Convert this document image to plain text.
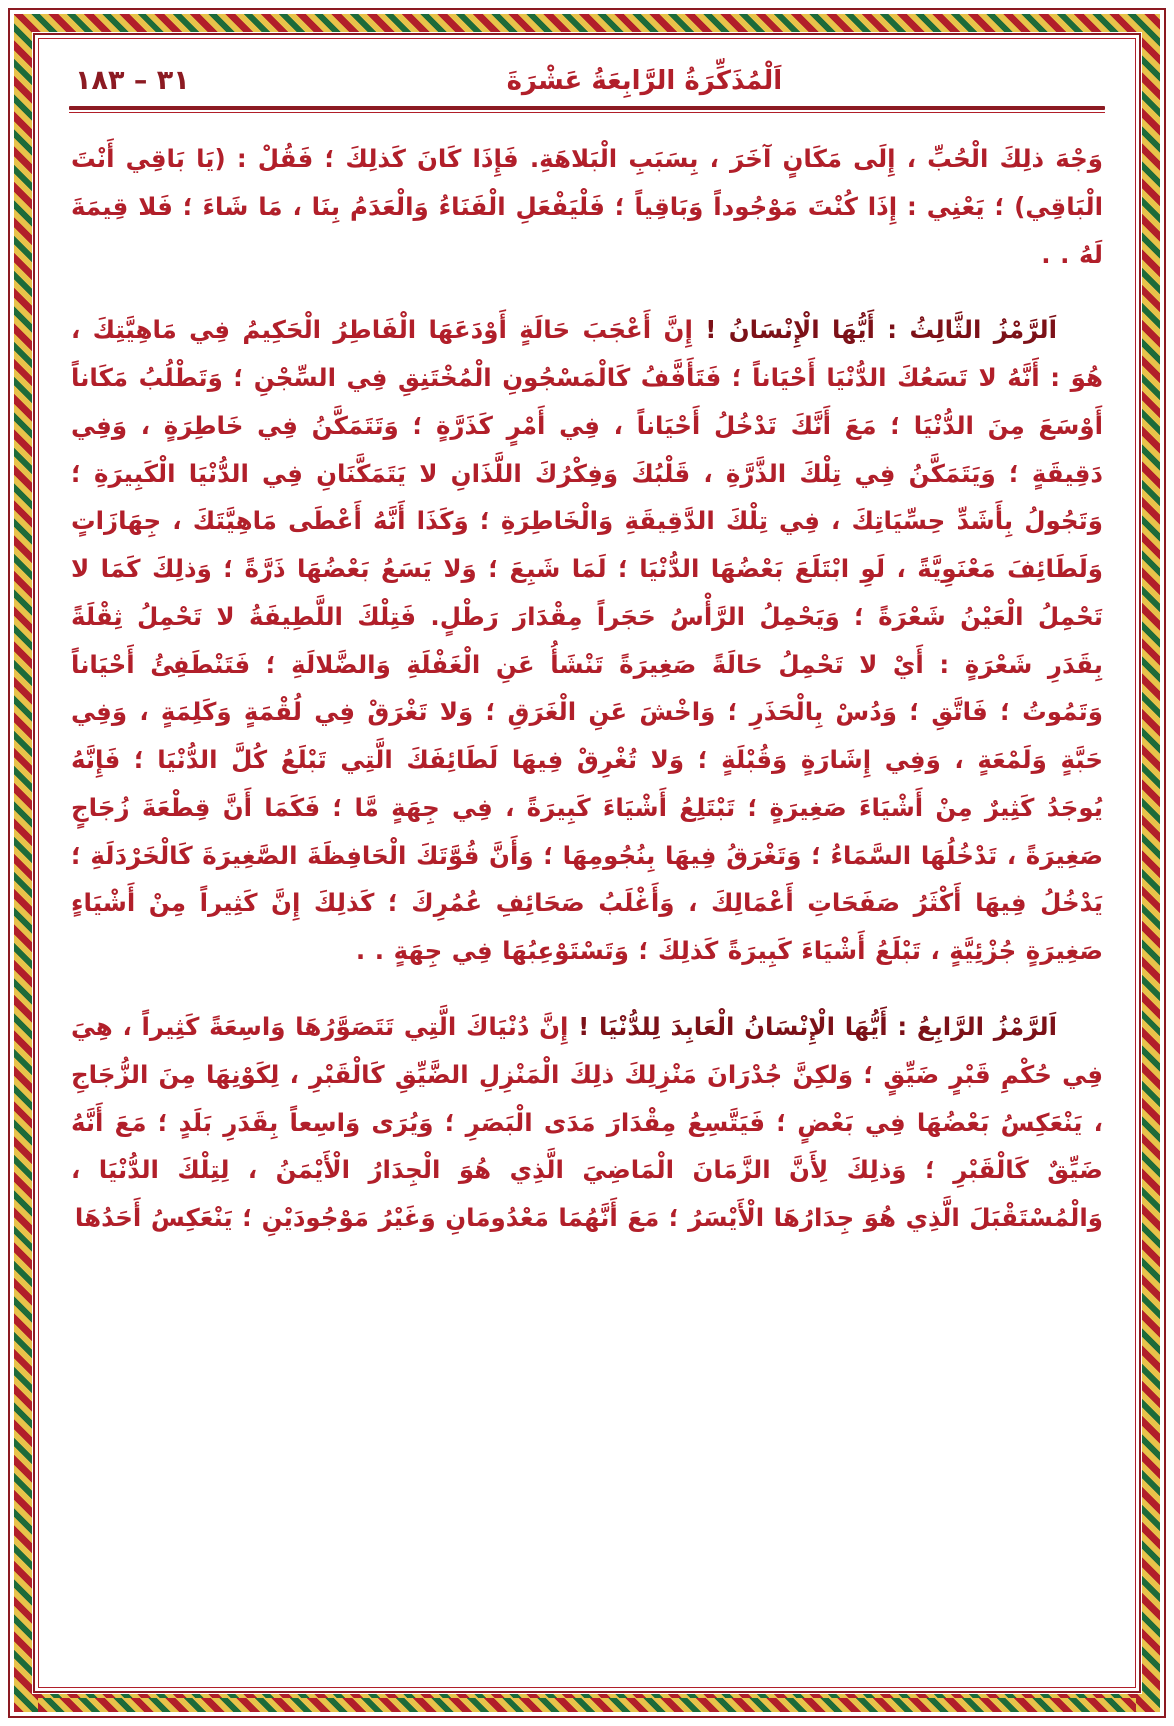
٣١ – ١٨٣	اَلْمُذَكِّرَةُ الرَّابِعَةُ عَشْرَةَ

وَجْهَ ذلِكَ الْحُبِّ ، إِلَى مَكَانٍ آخَرَ ، بِسَبَبِ الْبَلاهَةِ. فَإِذَا كَانَ كَذلِكَ ؛ فَقُلْ : (يَا بَاقِي أَنْتَ الْبَاقِي) ؛ يَعْنِي : إِذَا كُنْتَ مَوْجُوداً وَبَاقِياً ؛ فَلْيَفْعَلِ الْفَنَاءُ وَالْعَدَمُ بِنَا ، مَا شَاءَ ؛ فَلا قِيمَةَ لَهُ . .

اَلرَّمْزُ الثَّالِثُ : أَيُّهَا الْإِنْسَانُ ! إِنَّ أَعْجَبَ حَالَةٍ أَوْدَعَهَا الْفَاطِرُ الْحَكِيمُ فِي مَاهِيَّتِكَ ، هُوَ : أَنَّهُ لا تَسَعُكَ الدُّنْيَا أَحْيَاناً ؛ فَتَأَفَّفُ كَالْمَسْجُونِ الْمُخْتَنِقِ فِي السِّجْنِ ؛ وَتَطْلُبُ مَكَاناً أَوْسَعَ مِنَ الدُّنْيَا ؛ مَعَ أَنَّكَ تَدْخُلُ أَحْيَاناً ، فِي أَمْرٍ كَذَرَّةٍ ؛ وَتَتَمَكَّنُ فِي خَاطِرَةٍ ، وَفِي دَقِيقَةٍ ؛ وَيَتَمَكَّنُ فِي تِلْكَ الذَّرَّةِ ، قَلْبُكَ وَفِكْرُكَ اللَّذَانِ لا يَتَمَكَّنَانِ فِي الدُّنْيَا الْكَبِيرَةِ ؛ وَتَجُولُ بِأَشَدِّ حِسِّيَاتِكَ ، فِي تِلْكَ الدَّقِيقَةِ وَالْخَاطِرَةِ ؛ وَكَذَا أَنَّهُ أَعْطَى مَاهِيَّتَكَ ، جِهَازَاتٍ وَلَطَائِفَ مَعْنَوِيَّةً ، لَوِ ابْتَلَعَ بَعْضُهَا الدُّنْيَا ؛ لَمَا شَبِعَ ؛ وَلا يَسَعُ بَعْضُهَا ذَرَّةً ؛ وَذلِكَ كَمَا لا تَحْمِلُ الْعَيْنُ شَعْرَةً ؛ وَيَحْمِلُ الرَّأْسُ حَجَراً مِقْدَارَ رَطْلٍ. فَتِلْكَ اللَّطِيفَةُ لا تَحْمِلُ ثِقْلَةً بِقَدَرِ شَعْرَةٍ : أَيْ لا تَحْمِلُ حَالَةً صَغِيرَةً تَنْشَأُ عَنِ الْغَفْلَةِ وَالضَّلالَةِ ؛ فَتَنْطَفِئُ أَحْيَاناً وَتَمُوتُ ؛ فَاتَّقِ ؛ وَدُسْ بِالْحَذَرِ ؛ وَاخْشَ عَنِ الْغَرَقِ ؛ وَلا تَغْرَقْ فِي لُقْمَةٍ وَكَلِمَةٍ ، وَفِي حَبَّةٍ وَلَمْعَةٍ ، وَفِي إِشَارَةٍ وَقُبْلَةٍ ؛ وَلا تُغْرِقْ فِيهَا لَطَائِفَكَ الَّتِي تَبْلَعُ كُلَّ الدُّنْيَا ؛ فَإِنَّهُ يُوجَدُ كَثِيرٌ مِنْ أَشْيَاءَ صَغِيرَةٍ ؛ تَبْتَلِعُ أَشْيَاءَ كَبِيرَةً ، فِي جِهَةٍ مَّا ؛ فَكَمَا أَنَّ قِطْعَةَ زُجَاجٍ صَغِيرَةً ، تَدْخُلُهَا السَّمَاءُ ؛ وَتَغْرَقُ فِيهَا بِنُجُومِهَا ؛ وَأَنَّ قُوَّتَكَ الْحَافِظَةَ الصَّغِيرَةَ كَالْخَرْدَلَةِ ؛ يَدْخُلُ فِيهَا أَكْثَرُ صَفَحَاتِ أَعْمَالِكَ ، وَأَغْلَبُ صَحَائِفِ عُمُرِكَ ؛ كَذلِكَ إِنَّ كَثِيراً مِنْ أَشْيَاءٍ صَغِيرَةٍ جُزْئِيَّةٍ ، تَبْلَعُ أَشْيَاءَ كَبِيرَةً كَذلِكَ ؛ وَتَسْتَوْعِبُهَا فِي جِهَةٍ . .

اَلرَّمْزُ الرَّابِعُ : أَيُّهَا الْإِنْسَانُ الْعَابِدَ لِلدُّنْيَا ! إِنَّ دُنْيَاكَ الَّتِي تَتَصَوَّرُهَا وَاسِعَةً كَثِيراً ، هِيَ فِي حُكْمِ قَبْرٍ ضَيِّقٍ ؛ وَلكِنَّ جُدْرَانَ مَنْزِلِكَ ذلِكَ الْمَنْزِلِ الضَّيِّقِ كَالْقَبْرِ ، لِكَوْنِهَا مِنَ الزُّجَاجِ ، يَنْعَكِسُ بَعْضُهَا فِي بَعْضٍ ؛ فَيَتَّسِعُ مِقْدَارَ مَدَى الْبَصَرِ ؛ وَيُرَى وَاسِعاً بِقَدَرِ بَلَدٍ ؛ مَعَ أَنَّهُ ضَيِّقٌ كَالْقَبْرِ ؛ وَذلِكَ لِأَنَّ الزَّمَانَ الْمَاضِيَ الَّذِي هُوَ الْجِدَارُ الْأَيْمَنُ ، لِتِلْكَ الدُّنْيَا ، وَالْمُسْتَقْبَلَ الَّذِي هُوَ جِدَارُهَا الْأَيْسَرُ ؛ مَعَ أَنَّهُمَا مَعْدُومَانِ وَغَيْرُ مَوْجُودَيْنِ ؛ يَنْعَكِسُ أَحَدُهَا
